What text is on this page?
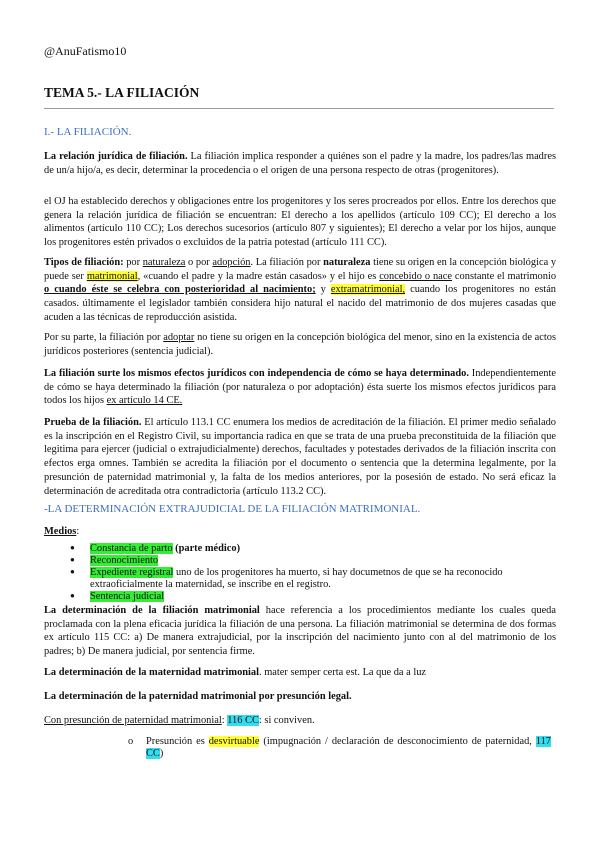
@AnuFatismo10
TEMA 5.- LA FILIACIÓN
I.- LA FILIACIÓN.
La relación jurídica de filiación. La filiación implica responder a quiénes son el padre y la madre, los padres/las madres de un/a hijo/a, es decir, determinar la procedencia o el origen de una persona respecto de otras (progenitores).
el OJ ha establecido derechos y obligaciones entre los progenitores y los seres procreados por ellos. Entre los derechos que genera la relación jurídica de filiación se encuentran: El derecho a los apellidos (artículo 109 CC); El derecho a los alimentos (artículo 110 CC); Los derechos sucesorios (artículo 807 y siguientes); El derecho a velar por los hijos, aunque los progenitores estén privados o excluidos de la patria potestad (artículo 111 CC).
Tipos de filiación: por naturaleza o por adopción. La filiación por naturaleza tiene su origen en la concepción biológica y puede ser matrimonial, «cuando el padre y la madre están casados» y el hijo es concebido o nace constante el matrimonio o cuando éste se celebra con posterioridad al nacimiento; y extramatrimonial, cuando los progenitores no están casados. últimamente el legislador también considera hijo natural el nacido del matrimonio de dos mujeres casadas que acuden a las técnicas de reproducción asistida.
Por su parte, la filiación por adoptar no tiene su origen en la concepción biológica del menor, sino en la existencia de actos jurídicos posteriores (sentencia judicial).
La filiación surte los mismos efectos jurídicos con independencia de cómo se haya determinado. Independientemente de cómo se haya determinado la filiación (por naturaleza o por adoptación) ésta suerte los mismos efectos jurídicos para todos los hijos ex artículo 14 CE.
Prueba de la filiación. El artículo 113.1 CC enumera los medios de acreditación de la filiación. El primer medio señalado es la inscripción en el Registro Civil, su importancia radica en que se trata de una prueba preconstituida de la filiación que legitima para ejercer (judicial o extrajudicialmente) derechos, facultades y potestades derivados de la filiación inscrita con efectos erga omnes. También se acredita la filiación por el documento o sentencia que la determina legalmente, por la presunción de paternidad matrimonial y, la falta de los medios anteriores, por la posesión de estado. No será eficaz la determinación de acreditada otra contradictoria (artículo 113.2 CC).
-LA DETERMINACIÓN EXTRAJUDICIAL DE LA FILIACIÓN MATRIMONIAL.
Medios:
● Constancia de parto (parte médico)
● Reconocimiento
● Expediente registral uno de los progenitores ha muerto, si hay documetnos de que se ha reconocido extraoficialmente la maternidad, se inscribe en el registro.
● Sentencia judicial
La determinación de la filiación matrimonial hace referencia a los procedimientos mediante los cuales queda proclamada con la plena eficacia jurídica la filiación de una persona. La filiación matrimonial se determina de dos formas ex artículo 115 CC: a) De manera extrajudicial, por la inscripción del nacimiento junto con al del matrimonio de los padres; b) De manera judicial, por sentencia firme.
La determinación de la maternidad matrimonial. mater semper certa est. La que da a luz
La determinación de la paternidad matrimonial por presunción legal.
Con presunción de paternidad matrimonial: 116 CC: si conviven.
o Presunción es desvirtuable (impugnación / declaración de desconocimiento de paternidad, 117 CC)
